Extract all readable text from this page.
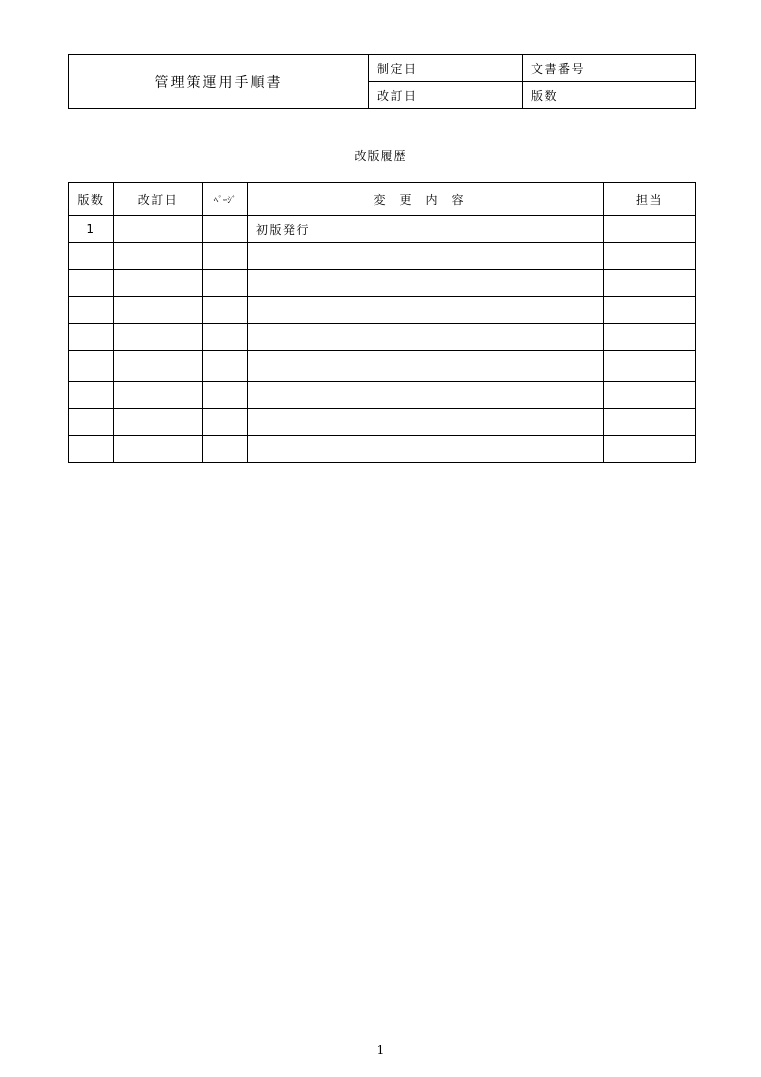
管理策運用手順書	制定日	文書番号
	改訂日	版数
改版履歴
版数	改訂日	ﾍﾟｰｼﾞ	変更内容	担当
1			初版発行	

1
